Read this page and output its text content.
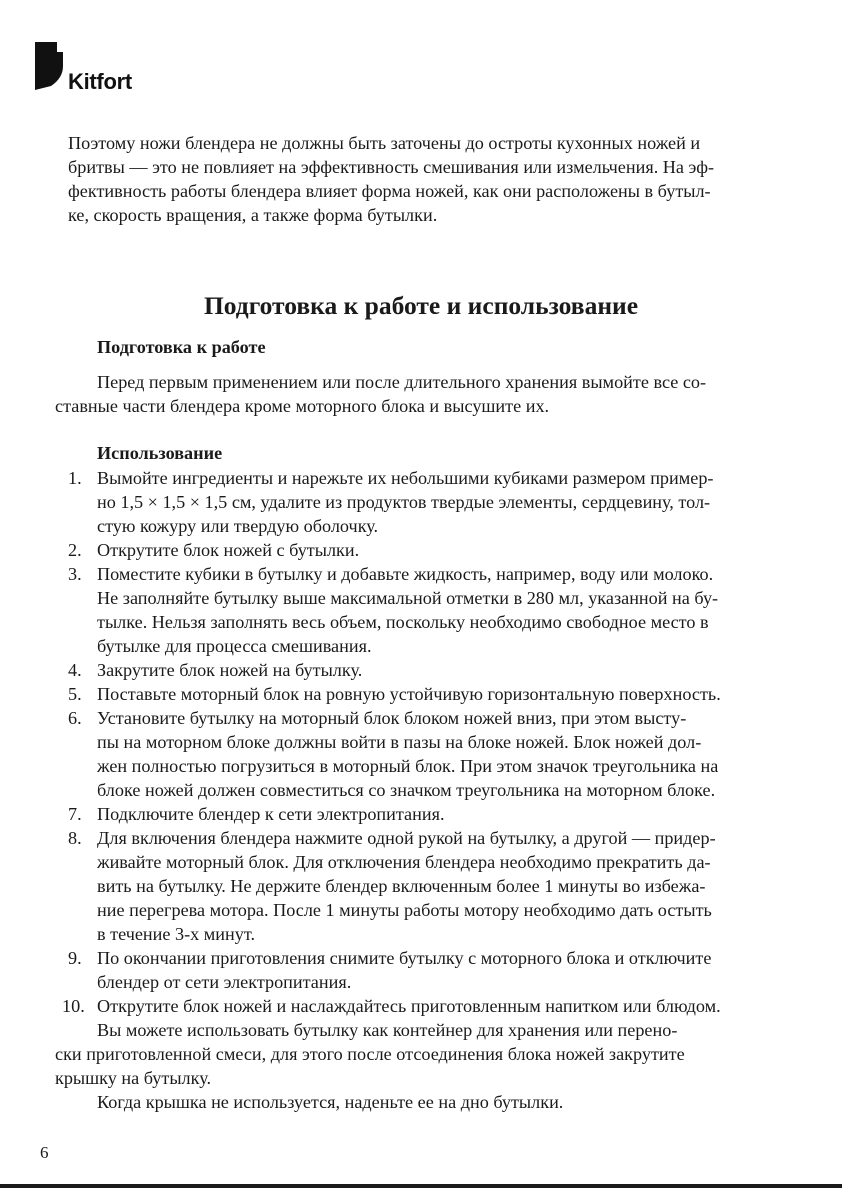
Kitfort
Поэтому ножи блендера не должны быть заточены до остроты кухонных ножей и
бритвы — это не повлияет на эффективность смешивания или измельчения. На эф-
фективность работы блендера влияет форма ножей, как они расположены в бутыл-
ке, скорость вращения, а также форма бутылки.
Подготовка к работе и использование
Подготовка к работе
Перед первым применением или после длительного хранения вымойте все со-
ставные части блендера кроме моторного блока и высушите их.
Использование
1. Вымойте ингредиенты и нарежьте их небольшими кубиками размером пример-
но 1,5 × 1,5 × 1,5 см, удалите из продуктов твердые элементы, сердцевину, тол-
стую кожуру или твердую оболочку.
2. Открутите блок ножей с бутылки.
3. Поместите кубики в бутылку и добавьте жидкость, например, воду или молоко.
Не заполняйте бутылку выше максимальной отметки в 280 мл, указанной на бу-
тылке. Нельзя заполнять весь объем, поскольку необходимо свободное место в
бутылке для процесса смешивания.
4. Закрутите блок ножей на бутылку.
5. Поставьте моторный блок на ровную устойчивую горизонтальную поверхность.
6. Установите бутылку на моторный блок блоком ножей вниз, при этом высту-
пы на моторном блоке должны войти в пазы на блоке ножей. Блок ножей дол-
жен полностью погрузиться в моторный блок. При этом значок треугольника на
блоке ножей должен совместиться со значком треугольника на моторном блоке.
7. Подключите блендер к сети электропитания.
8. Для включения блендера нажмите одной рукой на бутылку, а другой — придер-
живайте моторный блок. Для отключения блендера необходимо прекратить да-
вить на бутылку. Не держите блендер включенным более 1 минуты во избежа-
ние перегрева мотора. После 1 минуты работы мотору необходимо дать остыть
в течение 3-х минут.
9. По окончании приготовления снимите бутылку с моторного блока и отключите
блендер от сети электропитания.
10. Открутите блок ножей и наслаждайтесь приготовленным напитком или блюдом.
Вы можете использовать бутылку как контейнер для хранения или перено-
ски приготовленной смеси, для этого после отсоединения блока ножей закрутите
крышку на бутылку.
Когда крышка не используется, наденьте ее на дно бутылки.
6
